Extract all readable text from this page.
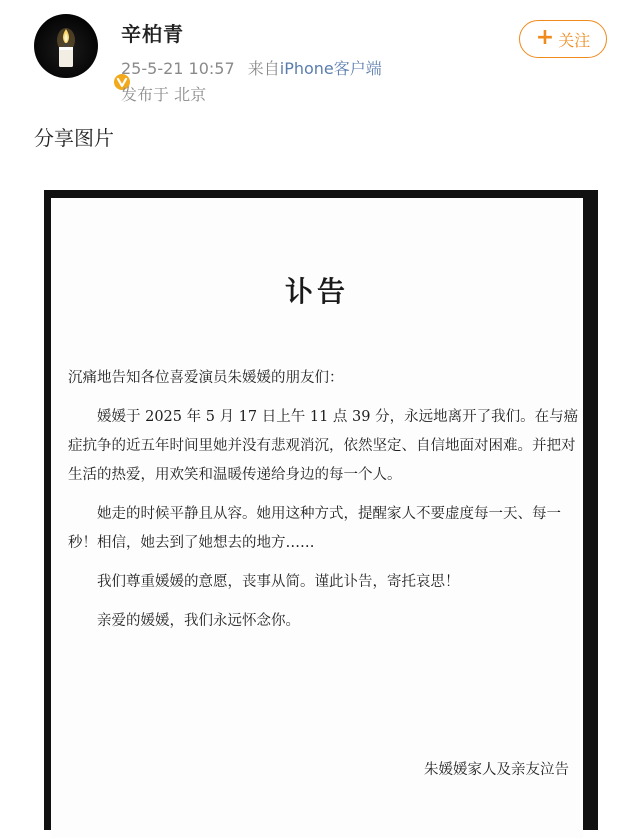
辛柏青
25-5-21 10:57 来自iPhone客户端
发布于 北京
+ 关注
分享图片
讣告

沉痛地告知各位喜爱演员朱媛媛的朋友们：

媛媛于 2025 年 5 月 17 日上午 11 点 39 分，永远地离开了我们。在与癌症抗争的近五年时间里她并没有悲观消沉，依然坚定、自信地面对困难。并把对生活的热爱，用欢笑和温暖传递给身边的每一个人。

她走的时候平静且从容。她用这种方式，提醒家人不要虚度每一天、每一秒！相信，她去到了她想去的地方……

我们尊重媛媛的意愿，丧事从简。谨此讣告，寄托哀思！

亲爱的媛媛，我们永远怀念你。

朱媛媛家人及亲友泣告
